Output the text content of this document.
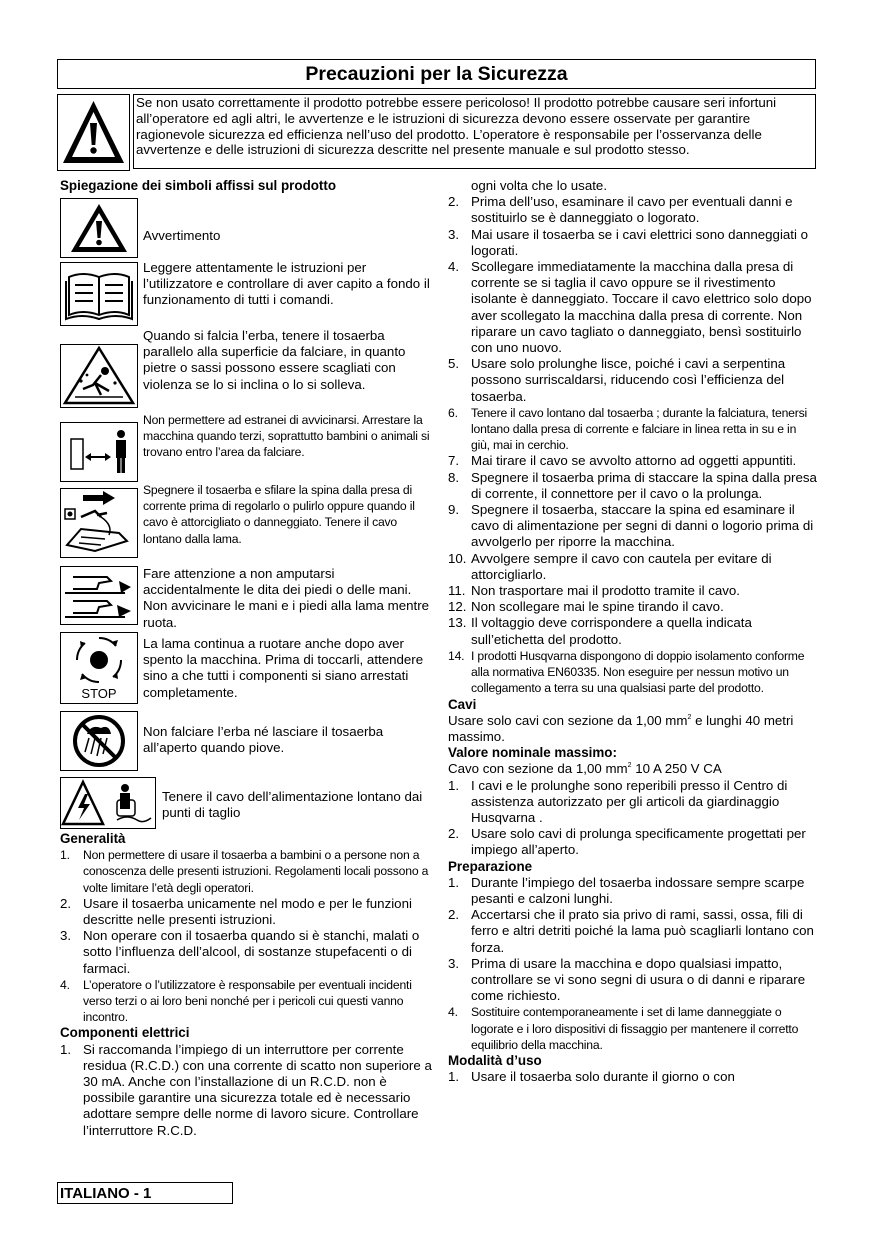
Precauzioni per la Sicurezza
Se non usato correttamente il prodotto potrebbe essere pericoloso! Il prodotto potrebbe causare seri infortuni all’operatore ed agli altri, le avvertenze e le istruzioni di sicurezza devono essere osservate per garantire ragionevole sicurezza ed efficienza nell’uso del prodotto. L’operatore è responsabile per l’osservanza delle avvertenze e delle istruzioni di sicurezza descritte nel presente manuale e sul prodotto stesso.
Spiegazione dei simboli affissi sul prodotto
Avvertimento
Leggere attentamente le istruzioni per l’utilizzatore e controllare di aver capito a fondo il funzionamento di tutti i comandi.
Quando si falcia l’erba, tenere il tosaerba parallelo alla superficie da falciare, in quanto pietre o sassi possono essere scagliati con violenza se lo si inclina o lo si solleva.
Non permettere ad estranei di avvicinarsi. Arrestare la macchina quando terzi, soprattutto bambini o animali si trovano entro l’area da falciare.
Spegnere il tosaerba e sfilare la spina dalla presa di corrente prima di regolarlo o pulirlo oppure quando il cavo è attorcigliato o danneggiato. Tenere il cavo lontano dalla lama.
Fare attenzione a non amputarsi accidentalmente le dita dei piedi o delle mani. Non avvicinare le mani e i piedi alla lama mentre ruota.
STOP
La lama continua a ruotare anche dopo aver spento la macchina. Prima di toccarli, attendere sino a che tutti i componenti si siano arrestati completamente.
Non falciare l’erba né lasciare il tosaerba all’aperto quando piove.
Tenere il cavo dell’alimentazione lontano dai punti di taglio
Generalità
1. Non permettere di usare il tosaerba a bambini o a persone non a conoscenza delle presenti istruzioni. Regolamenti locali possono a volte limitare l’età degli operatori.
2. Usare il tosaerba unicamente nel modo e per le funzioni descritte nelle presenti istruzioni.
3. Non operare con il tosaerba quando si è stanchi, malati o sotto l’influenza dell’alcool, di sostanze stupefacenti o di farmaci.
4. L’operatore o l’utilizzatore è responsabile per eventuali incidenti verso terzi o ai loro beni nonché per i pericoli cui questi vanno incontro.
Componenti elettrici
1. Si raccomanda l’impiego di un interruttore per corrente residua (R.C.D.) con una corrente di scatto non superiore a 30 mA. Anche con l’installazione di un R.C.D. non è possibile garantire una sicurezza totale ed è necessario adottare sempre delle norme di lavoro sicure. Controllare l’interruttore R.C.D.
ogni volta che lo usate.
2. Prima dell’uso, esaminare il cavo per eventuali danni e sostituirlo se è danneggiato o logorato.
3. Mai usare il tosaerba se i cavi elettrici sono danneggiati o logorati.
4. Scollegare immediatamente la macchina dalla presa di corrente se si taglia il cavo oppure se il rivestimento isolante è danneggiato. Toccare il cavo elettrico solo dopo aver scollegato la macchina dalla presa di corrente. Non riparare un cavo tagliato o danneggiato, bensì sostituirlo con uno nuovo.
5. Usare solo prolunghe lisce, poiché i cavi a serpentina possono surriscaldarsi, riducendo così l’efficienza del tosaerba.
6. Tenere il cavo lontano dal tosaerba ; durante la falciatura, tenersi lontano dalla presa di corrente e falciare in linea retta in su e in giù, mai in cerchio.
7. Mai tirare il cavo se avvolto attorno ad oggetti appuntiti.
8. Spegnere il tosaerba prima di staccare la spina dalla presa di corrente, il connettore per il cavo o la prolunga.
9. Spegnere il tosaerba, staccare la spina ed esaminare il cavo di alimentazione per segni di danni o logorio prima di avvolgerlo per riporre la macchina.
10. Avvolgere sempre il cavo con cautela per evitare di attorcigliarlo.
11. Non trasportare mai il prodotto tramite il cavo.
12. Non scollegare mai le spine tirando il cavo.
13. Il voltaggio deve corrispondere a quella indicata sull’etichetta del prodotto.
14. I prodotti Husqvarna dispongono di doppio isolamento conforme alla normativa EN60335. Non eseguire per nessun motivo un collegamento a terra su una qualsiasi parte del prodotto.
Cavi
Usare solo cavi con sezione da 1,00 $mm^2$ e lunghi 40 metri massimo.
Valore nominale massimo:
Cavo con sezione da 1,00 $mm^2$ 10 A 250 V CA
1. I cavi e le prolunghe sono reperibili presso il Centro di assistenza autorizzato per gli articoli da giardinaggio Husqvarna .
2. Usare solo cavi di prolunga specificamente progettati per impiego all’aperto.
Preparazione
1. Durante l’impiego del tosaerba indossare sempre scarpe pesanti e calzoni lunghi.
2. Accertarsi che il prato sia privo di rami, sassi, ossa, fili di ferro e altri detriti poiché la lama può scagliarli lontano con forza.
3. Prima di usare la macchina e dopo qualsiasi impatto, controllare se vi sono segni di usura o di danni e riparare come richiesto.
4. Sostituire contemporaneamente i set di lame danneggiate o logorate e i loro dispositivi di fissaggio per mantenere il corretto equilibrio della macchina.
Modalità d’uso
1. Usare il tosaerba solo durante il giorno o con
ITALIANO - 1
